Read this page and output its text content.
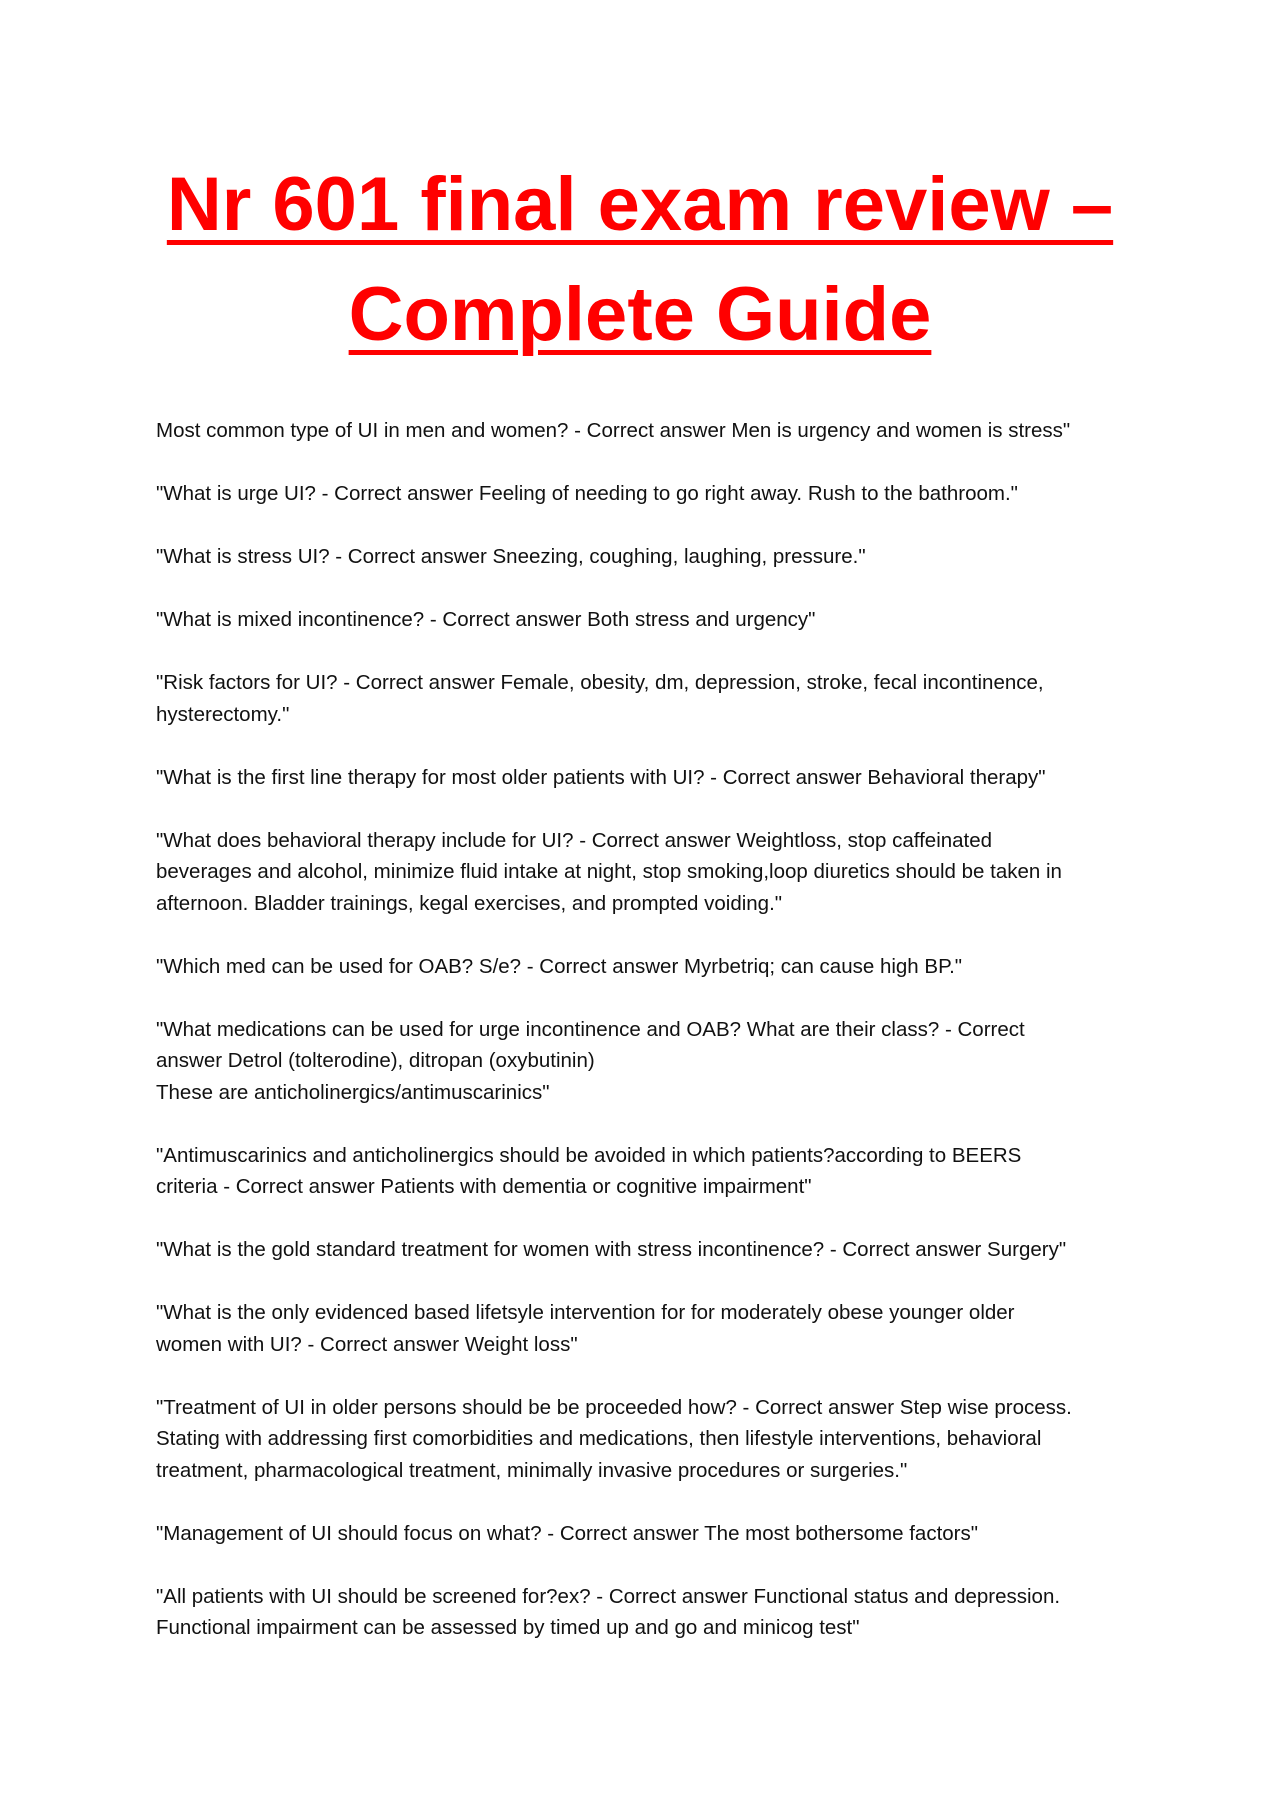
Nr 601 final exam review –
Complete Guide

Most common type of UI in men and women? - Correct answer Men is urgency and women is stress"

"What is urge UI? - Correct answer Feeling of needing to go right away. Rush to the bathroom."

"What is stress UI? - Correct answer Sneezing, coughing, laughing, pressure."

"What is mixed incontinence? - Correct answer Both stress and urgency"

"Risk factors for UI? - Correct answer Female, obesity, dm, depression, stroke, fecal incontinence,
hysterectomy."

"What is the first line therapy for most older patients with UI? - Correct answer Behavioral therapy"

"What does behavioral therapy include for UI? - Correct answer Weightloss, stop caffeinated
beverages and alcohol, minimize fluid intake at night, stop smoking,loop diuretics should be taken in
afternoon. Bladder trainings, kegal exercises, and prompted voiding."

"Which med can be used for OAB? S/e? - Correct answer Myrbetriq; can cause high BP."

"What medications can be used for urge incontinence and OAB? What are their class? - Correct
answer Detrol (tolterodine), ditropan (oxybutinin)
These are anticholinergics/antimuscarinics"

"Antimuscarinics and anticholinergics should be avoided in which patients?according to BEERS
criteria - Correct answer Patients with dementia or cognitive impairment"

"What is the gold standard treatment for women with stress incontinence? - Correct answer Surgery"

"What is the only evidenced based lifetsyle intervention for for moderately obese younger older
women with UI? - Correct answer Weight loss"

"Treatment of UI in older persons should be be proceeded how? - Correct answer Step wise process.
Stating with addressing first comorbidities and medications, then lifestyle interventions, behavioral
treatment, pharmacological treatment, minimally invasive procedures or surgeries."

"Management of UI should focus on what? - Correct answer The most bothersome factors"

"All patients with UI should be screened for?ex? - Correct answer Functional status and depression.
Functional impairment can be assessed by timed up and go and minicog test"
